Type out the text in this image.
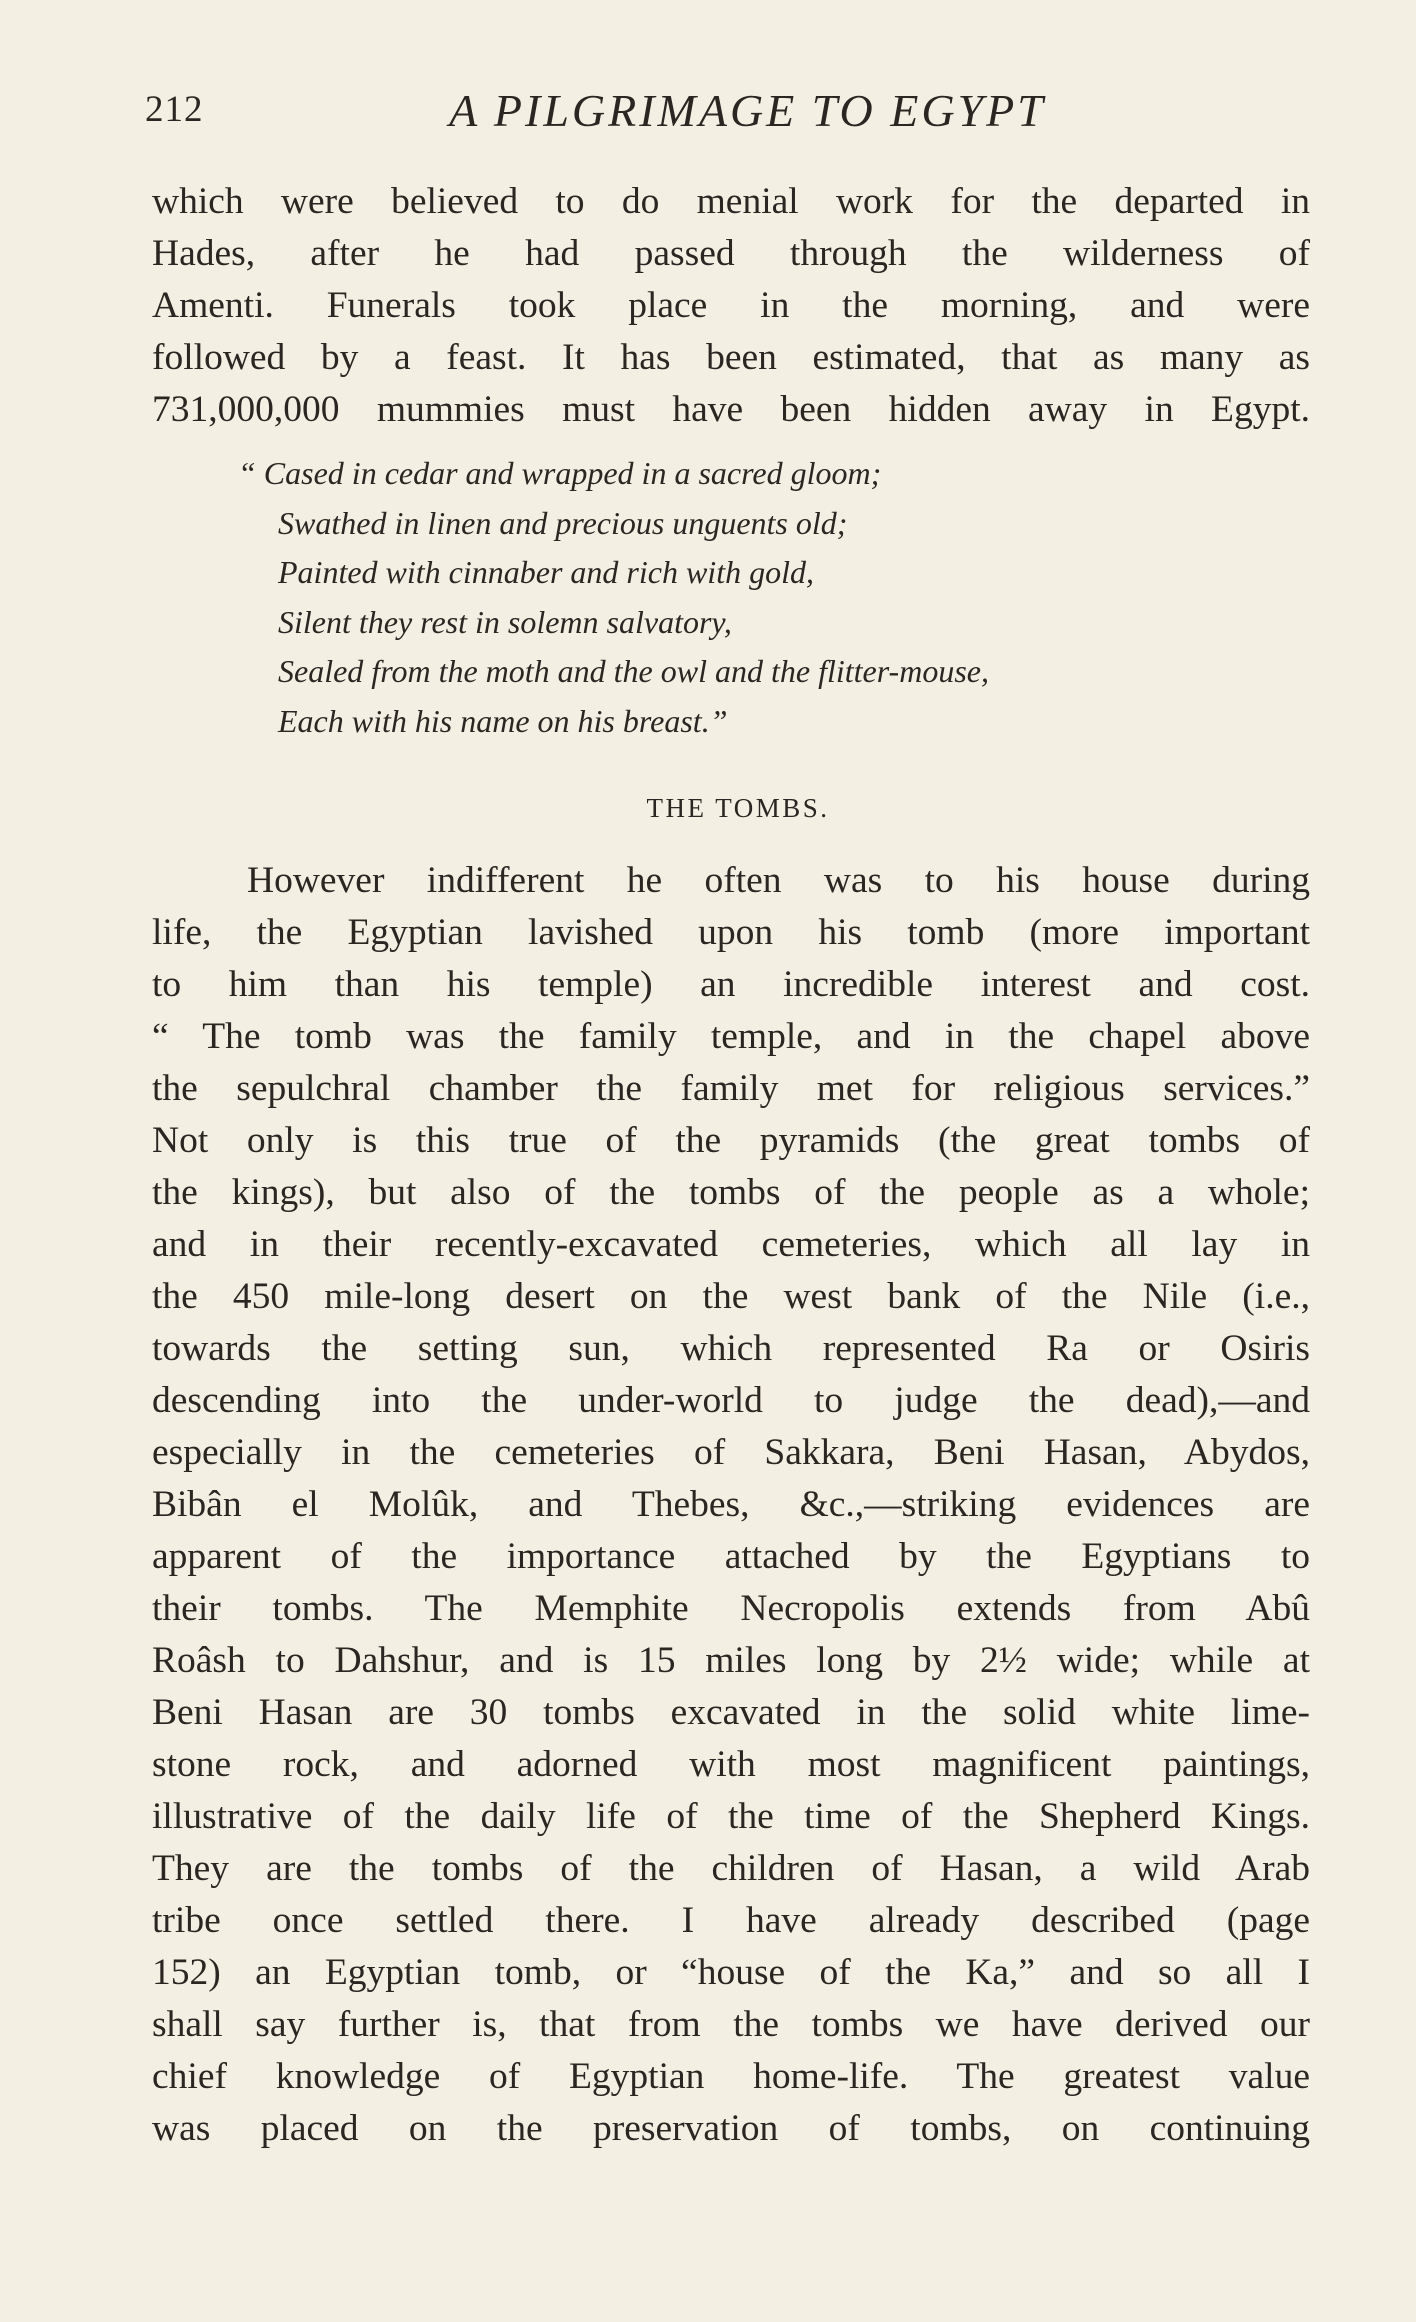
212	A PILGRIMAGE TO EGYPT

which were believed to do menial work for the departed in
Hades, after he had passed through the wilderness of
Amenti. Funerals took place in the morning, and were
followed by a feast. It has been estimated, that as many as
731,000,000 mummies must have been hidden away in Egypt.

“ Cased in cedar and wrapped in a sacred gloom;
Swathed in linen and precious unguents old;
Painted with cinnaber and rich with gold,
Silent they rest in solemn salvatory,
Sealed from the moth and the owl and the flitter-mouse,
Each with his name on his breast.”
THE TOMBS.

However indifferent he often was to his house during
life, the Egyptian lavished upon his tomb (more important
to him than his temple) an incredible interest and cost.
“ The tomb was the family temple, and in the chapel above
the sepulchral chamber the family met for religious services.”
Not only is this true of the pyramids (the great tombs of
the kings), but also of the tombs of the people as a whole;
and in their recently-excavated cemeteries, which all lay in
the 450 mile-long desert on the west bank of the Nile (i.e.,
towards the setting sun, which represented Ra or Osiris
descending into the under-world to judge the dead),—and
especially in the cemeteries of Sakkara, Beni Hasan, Abydos,
Bibân el Molûk, and Thebes, &c.,—striking evidences are
apparent of the importance attached by the Egyptians to
their tombs. The Memphite Necropolis extends from Abû
Roâsh to Dahshur, and is 15 miles long by 2½ wide; while at
Beni Hasan are 30 tombs excavated in the solid white lime-
stone rock, and adorned with most magnificent paintings,
illustrative of the daily life of the time of the Shepherd Kings.
They are the tombs of the children of Hasan, a wild Arab
tribe once settled there. I have already described (page
152) an Egyptian tomb, or “house of the Ka,” and so all I
shall say further is, that from the tombs we have derived our
chief knowledge of Egyptian home-life. The greatest value
was placed on the preservation of tombs, on continuing
